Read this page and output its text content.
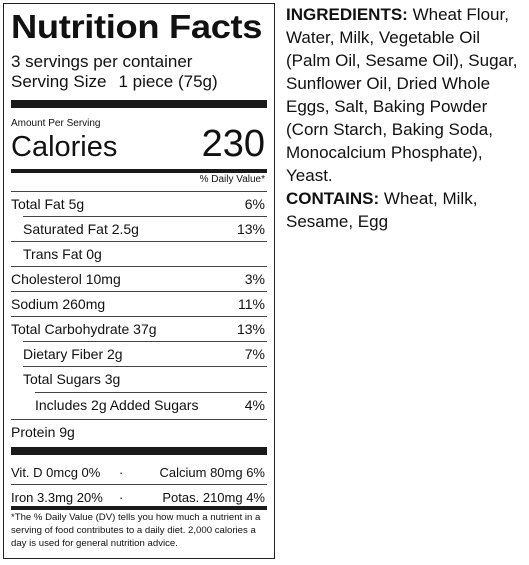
Nutrition Facts
3 servings per container
Serving Size 1 piece (75g)
Amount Per Serving
Calories 230
% Daily Value*
Total Fat 5g	6%
Saturated Fat 2.5g	13%
Trans Fat 0g
Cholesterol 10mg	3%
Sodium 260mg	11%
Total Carbohydrate 37g	13%
Dietary Fiber 2g	7%
Total Sugars 3g
Includes 2g Added Sugars	4%
Protein 9g
Vit. D 0mcg 0%	·	Calcium 80mg 6%
Iron 3.3mg 20%	·	Potas. 210mg 4%
*The % Daily Value (DV) tells you how much a nutrient in a serving of food contributes to a daily diet. 2,000 calories a day is used for general nutrition advice.
INGREDIENTS: Wheat Flour, Water, Milk, Vegetable Oil (Palm Oil, Sesame Oil), Sugar, Sunflower Oil, Dried Whole Eggs, Salt, Baking Powder (Corn Starch, Baking Soda, Monocalcium Phosphate), Yeast.
CONTAINS: Wheat, Milk, Sesame, Egg
